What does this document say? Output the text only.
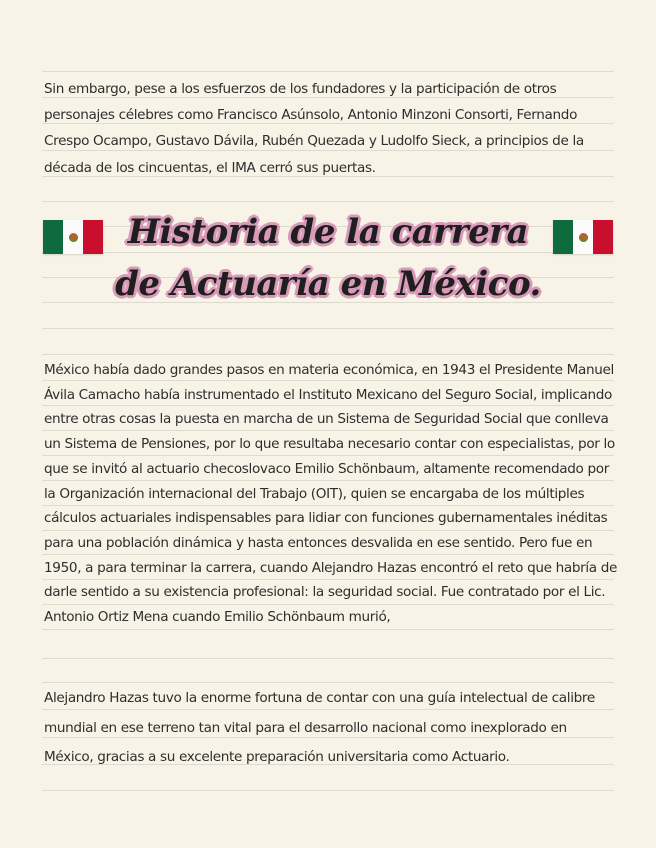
Sin embargo, pese a los esfuerzos de los fundadores y la participación de otros personajes célebres como Francisco Asúnsolo, Antonio Minzoni Consorti, Fernando Crespo Ocampo, Gustavo Dávila, Rubén Quezada y Ludolfo Sieck, a principios de la década de los cincuentas, el IMA cerró sus puertas.
Historia de la carrera
de Actuaría en México.
México había dado grandes pasos en materia económica, en 1943 el Presidente Manuel Ávila Camacho había instrumentado el Instituto Mexicano del Seguro Social, implicando entre otras cosas la puesta en marcha de un Sistema de Seguridad Social que conlleva un Sistema de Pensiones, por lo que resultaba necesario contar con especialistas, por lo que se invitó al actuario checoslovaco Emilio Schönbaum, altamente recomendado por la Organización internacional del Trabajo (OIT), quien se encargaba de los múltiples cálculos actuariales indispensables para lidiar con funciones gubernamentales inéditas para una población dinámica y hasta entonces desvalida en ese sentido. Pero fue en 1950, a para terminar la carrera, cuando Alejandro Hazas encontró el reto que habría de darle sentido a su existencia profesional: la seguridad social. Fue contratado por el Lic. Antonio Ortiz Mena cuando Emilio Schönbaum murió,
Alejandro Hazas tuvo la enorme fortuna de contar con una guía intelectual de calibre mundial en ese terreno tan vital para el desarrollo nacional como inexplorado en México, gracias a su excelente preparación universitaria como Actuario.
